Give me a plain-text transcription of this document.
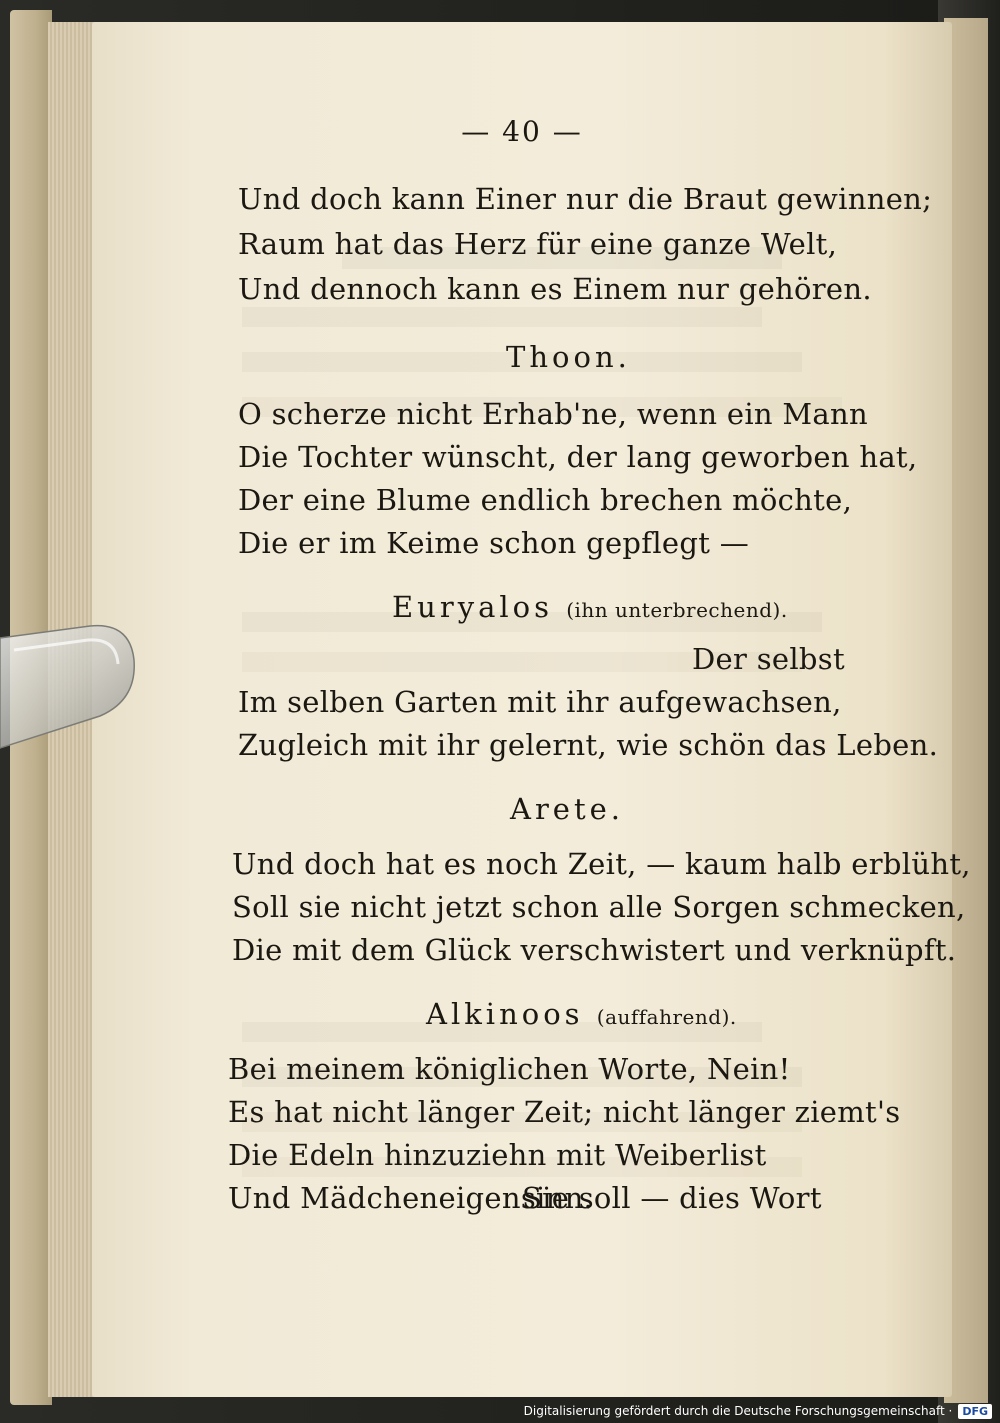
— 40 —
Und doch kann Einer nur die Braut gewinnen;
Raum hat das Herz für eine ganze Welt,
Und dennoch kann es Einem nur gehören.
Thoon.
O scherze nicht Erhab'ne, wenn ein Mann
Die Tochter wünscht, der lang geworben hat,
Der eine Blume endlich brechen möchte,
Die er im Keime schon gepflegt —
Euryalos (ihn unterbrechend).
Der selbst
Im selben Garten mit ihr aufgewachsen,
Zugleich mit ihr gelernt, wie schön das Leben.
Arete.
Und doch hat es noch Zeit, — kaum halb erblüht,
Soll sie nicht jetzt schon alle Sorgen schmecken,
Die mit dem Glück verschwistert und verknüpft.
Alkinoos (auffahrend).
Bei meinem königlichen Worte, Nein!
Es hat nicht länger Zeit; nicht länger ziemt's
Die Edeln hinzuziehn mit Weiberlist
Und Mädcheneigensinn.
Sie soll — dies Wort
Digitalisierung gefördert durch die Deutsche Forschungsgemeinschaft · DFG
